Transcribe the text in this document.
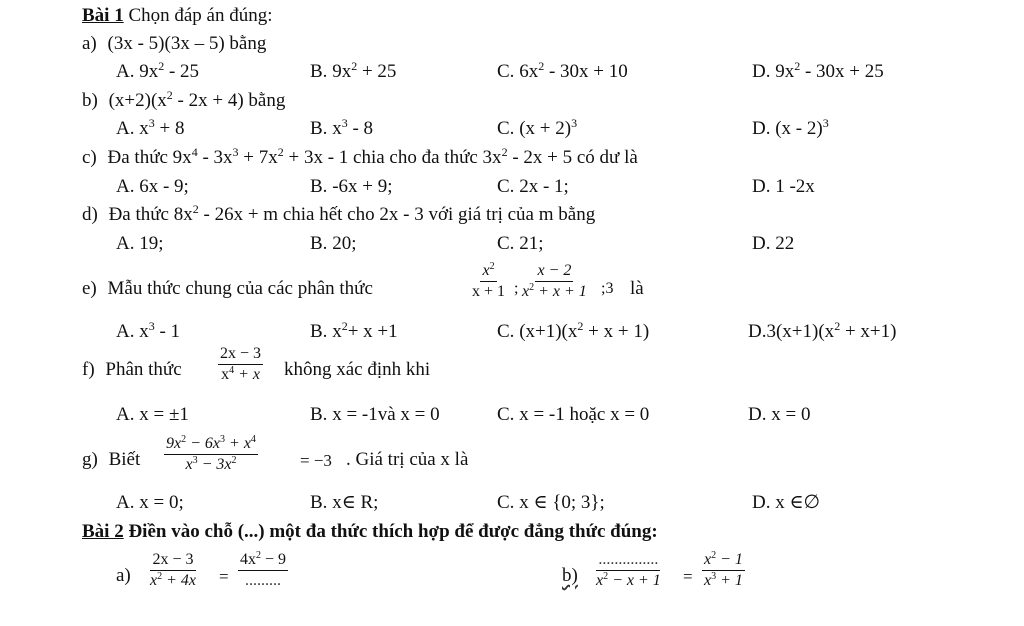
Bài 1 Chọn đáp án đúng:
a) (3x - 5)(3x – 5) bằng
A. $9x^2 - 25$	B. $9x^2 + 25$	C. $6x^2 - 30x + 10$	D. $9x^2 - 30x + 25$
b) $(x+2)(x^2 - 2x + 4)$ bằng
A. $x^3 + 8$	B. $x^3 - 8$	C. $(x + 2)^3$	D. (x - 2)$^3$
c) Đa thức $9x^4 - 3x^3 + 7x^2 + 3x - 1$ chia cho đa thức $3x^2 - 2x + 5$ có dư là
A. 6x - 9;	B. -6x + 9;	C. 2x - 1;	D. 1 -2x
d) Đa thức $8x^2 - 26x + m$ chia hết cho 2x - 3 với giá trị của m bằng
A. 19;	B. 20;	C. 21;	D. 22
e) Mẫu thức chung của các phân thức	$\frac{x^2}{x + 1}$ ; $\frac{x - 2}{x^2 + x + 1}$ ;3 là
A. $x^3 - 1$	B. $x^2+ x +1$	C. $(x+1)(x^2 + x + 1)$	$D.3(x+1)(x^2 + x+1)$
f) Phân thức $\frac{2x - 3}{x^4 + x}$ không xác định khi
A. x = ±1	B. x = -1và x = 0	C. x = -1 hoặc x = 0	D. x = 0
g) Biết $\frac{9x^2 - 6x^3 + x^4}{x^3 - 3x^2} = -3$ . Giá trị của x là
A. x = 0;	B. x∈ R;	C. x ∈ {0; 3};	D. x ∈∅
Bài 2 Điền vào chỗ (...) một đa thức thích hợp để được đẳng thức đúng:
$a) \frac{2x - 3}{x^2 + 4x}$ =
$4x^2 - 9$
.........	b)
...............
$x^2 - x + 1 = \frac{x^2 - 1}{x^3 + 1}$
